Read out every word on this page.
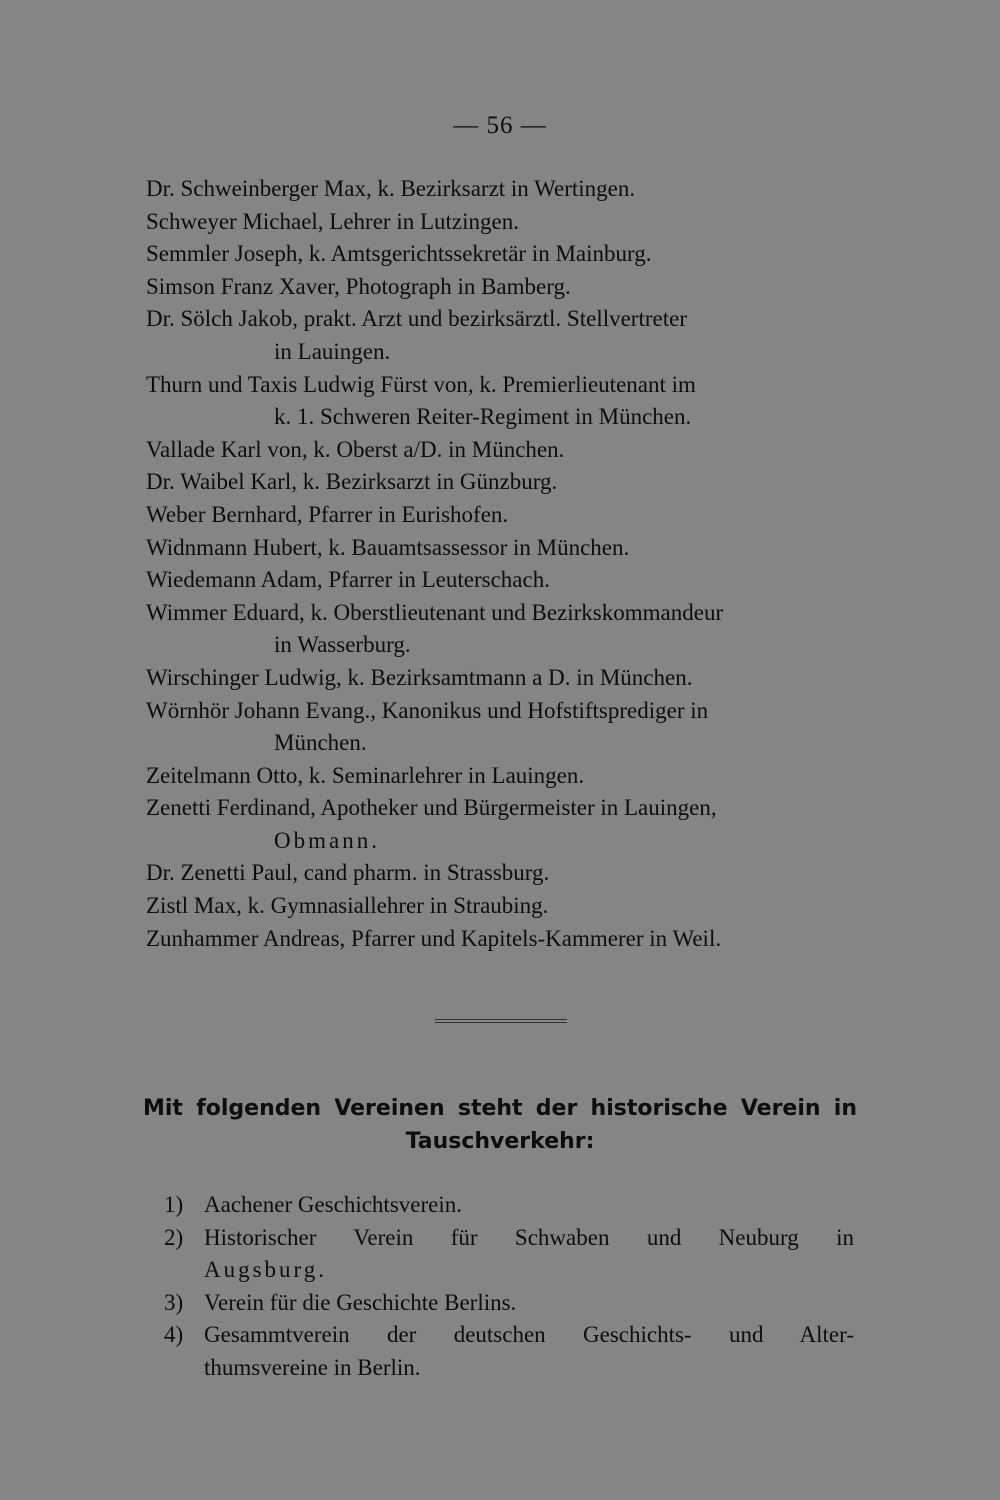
— 56 —

Dr. Schweinberger Max, k. Bezirksarzt in Wertingen.

Schweyer Michael, Lehrer in Lutzingen.

Semmler Joseph, k. Amtsgerichtssekretär in Mainburg.

Simson Franz Xaver, Photograph in Bamberg.

Dr. Sölch Jakob, prakt. Arzt und bezirksärztl. Stellvertreter
in Lauingen.

Thurn und Taxis Ludwig Fürst von, k. Premierlieutenant im
k. 1. Schweren Reiter-Regiment in München.

Vallade Karl von, k. Oberst a/D. in München.

Dr. Waibel Karl, k. Bezirksarzt in Günzburg.

Weber Bernhard, Pfarrer in Eurishofen.

Widnmann Hubert, k. Bauamtsassessor in München.

Wiedemann Adam, Pfarrer in Leuterschach.

Wimmer Eduard, k. Oberstlieutenant und Bezirkskommandeur
in Wasserburg.

Wirschinger Ludwig, k. Bezirksamtmann a D. in München.

Wörnhör Johann Evang., Kanonikus und Hofstiftsprediger in
München.

Zeitelmann Otto, k. Seminarlehrer in Lauingen.

Zenetti Ferdinand, Apotheker und Bürgermeister in Lauingen,
Obmann.

Dr. Zenetti Paul, cand pharm. in Strassburg.

Zistl Max, k. Gymnasiallehrer in Straubing.

Zunhammer Andreas, Pfarrer und Kapitels-Kammerer in Weil.

Mit folgenden Vereinen steht der historische Verein in
Tauschverkehr:
1) Aachener Geschichtsverein.
2) Historischer Verein für Schwaben und Neuburg in
Augsburg.
3) Verein für die Geschichte Berlins.
4) Gesammtverein der deutschen Geschichts- und Alter-
thumsvereine in Berlin.
